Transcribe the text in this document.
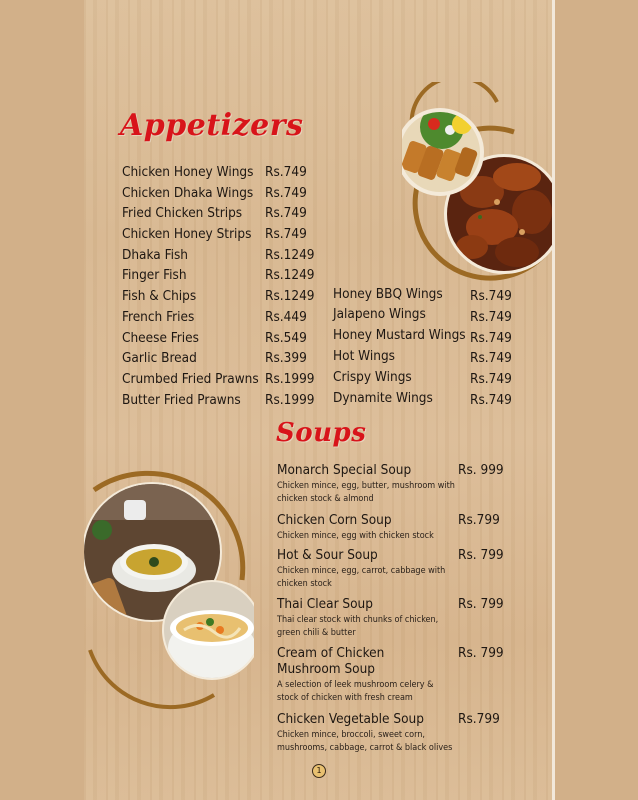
Appetizers
Chicken Honey Wings Rs.749
Chicken Dhaka Wings Rs.749
Fried Chicken Strips Rs.749
Chicken Honey Strips Rs.749
Dhaka Fish	Rs.1249
Finger Fish	Rs.1249
Fish & Chips	Rs.1249
French Fries	Rs.449
Cheese Fries	Rs.549
Garlic Bread	Rs.399
Crumbed Fried Prawns Rs.1999
Butter Fried Prawns Rs.1999
Honey BBQ Wings Rs.749
Jalapeno Wings	Rs.749
Honey Mustard Wings Rs.749
Hot Wings	Rs.749
Crispy Wings	Rs.749
Dynamite Wings	Rs.749
Soups
Monarch Special Soup	Rs. 999
Chicken mince, egg, butter, mushroom with chicken stock & almond
Chicken Corn Soup	Rs.799
Chicken mince, egg with chicken stock
Hot & Sour Soup	Rs. 799
Chicken mince, egg, carrot, cabbage with chicken stock
Thai Clear Soup	Rs. 799
Thai clear stock with chunks of chicken, green chili & butter
Cream of Chicken Mushroom Soup
Rs. 799
A selection of leek mushroom celery & stock of chicken with fresh cream
Chicken Vegetable Soup	Rs.799
Chicken mince, broccoli, sweet corn, mushrooms, cabbage, carrot & black olives
1
